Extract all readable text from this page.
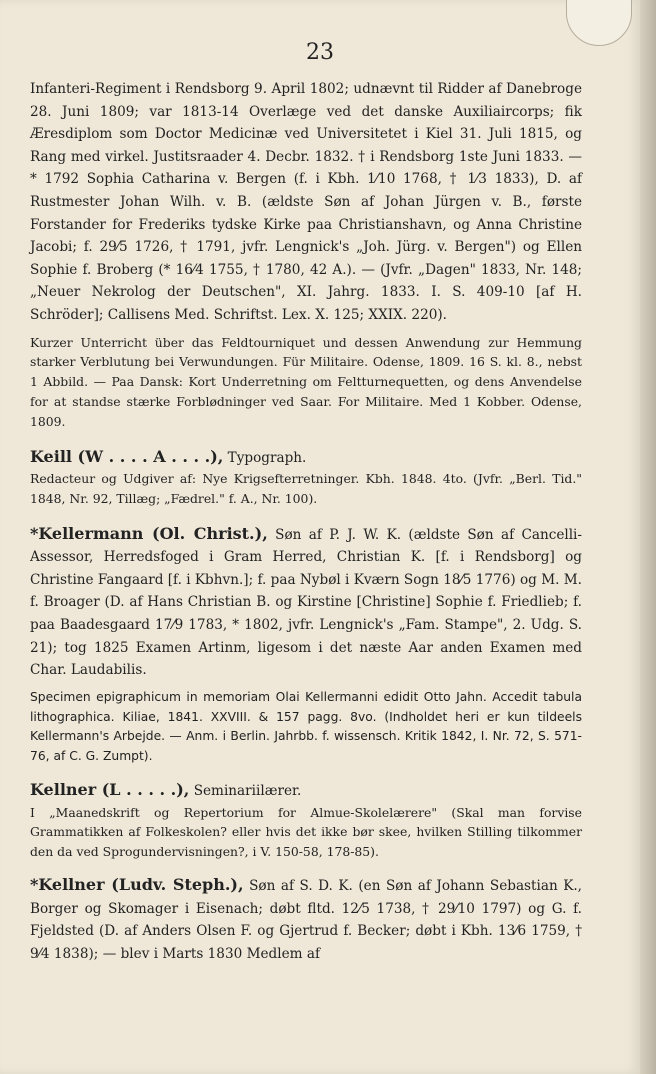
23

Infanteri-Regiment i Rendsborg 9. April 1802; udnævnt til Ridder af Danebroge 28. Juni 1809; var 1813-14 Overlæge ved det danske Auxiliaircorps; fik Æresdiplom som Doctor Medicinæ ved Universitetet i Kiel 31. Juli 1815, og Rang med virkel. Justitsraader 4. Decbr. 1832. † i Rendsborg 1ste Juni 1833. — * 1792 Sophia Catharina v. Bergen (f. i Kbh. 1⁄10 1768, † 1⁄3 1833), D. af Rustmester Johan Wilh. v. B. (ældste Søn af Johan Jürgen v. B., første Forstander for Frederiks tydske Kirke paa Christianshavn, og Anna Christine Jacobi; f. 29⁄5 1726, † 1791, jvfr. Lengnick's „Joh. Jürg. v. Bergen") og Ellen Sophie f. Broberg (* 16⁄4 1755, † 1780, 42 A.). — (Jvfr. „Dagen" 1833, Nr. 148; „Neuer Nekrolog der Deutschen", XI. Jahrg. 1833. I. S. 409-10 [af H. Schröder]; Callisens Med. Schriftst. Lex. X. 125; XXIX. 220).

Kurzer Unterricht über das Feldtourniquet und dessen Anwendung zur Hemmung starker Verblutung bei Verwundungen. Für Militaire. Odense, 1809. 16 S. kl. 8., nebst 1 Abbild. — Paa Dansk: Kort Underretning om Feltturnequetten, og dens Anvendelse for at standse stærke Forblødninger ved Saar. For Militaire. Med 1 Kobber. Odense, 1809.

Keill (W . . . . A . . . .), Typograph.

Redacteur og Udgiver af: Nye Krigsefterretninger. Kbh. 1848. 4to. (Jvfr. „Berl. Tid." 1848, Nr. 92, Tillæg; „Fædrel." f. A., Nr. 100).

*Kellermann (Ol. Christ.), Søn af P. J. W. K. (ældste Søn af Cancelli-Assessor, Herredsfoged i Gram Herred, Christian K. [f. i Rendsborg] og Christine Fangaard [f. i Kbhvn.]; f. paa Nybøl i Kværn Sogn 18⁄5 1776) og M. M. f. Broager (D. af Hans Christian B. og Kirstine [Christine] Sophie f. Friedlieb; f. paa Baadesgaard 17⁄9 1783, * 1802, jvfr. Lengnick's „Fam. Stampe", 2. Udg. S. 21); tog 1825 Examen Artinm, ligesom i det næste Aar anden Examen med Char. Laudabilis.

Specimen epigraphicum in memoriam Olai Kellermanni edidit Otto Jahn. Accedit tabula lithographica. Kiliae, 1841. XXVIII. & 157 pagg. 8vo. (Indholdet heri er kun tildeels Kellermann's Arbejde. — Anm. i Berlin. Jahrbb. f. wissensch. Kritik 1842, I. Nr. 72, S. 571-76, af C. G. Zumpt).

Kellner (L . . . . .), Seminariilærer.

I „Maanedskrift og Repertorium for Almue-Skolelærere" (Skal man forvise Grammatikken af Folkeskolen? eller hvis det ikke bør skee, hvilken Stilling tilkommer den da ved Sprogundervisningen?, i V. 150-58, 178-85).

*Kellner (Ludv. Steph.), Søn af S. D. K. (en Søn af Johann Sebastian K., Borger og Skomager i Eisenach; døbt fltd. 12⁄5 1738, † 29⁄10 1797) og G. f. Fjeldsted (D. af Anders Olsen F. og Gjertrud f. Becker; døbt i Kbh. 13⁄6 1759, † 9⁄4 1838); — blev i Marts 1830 Medlem af
